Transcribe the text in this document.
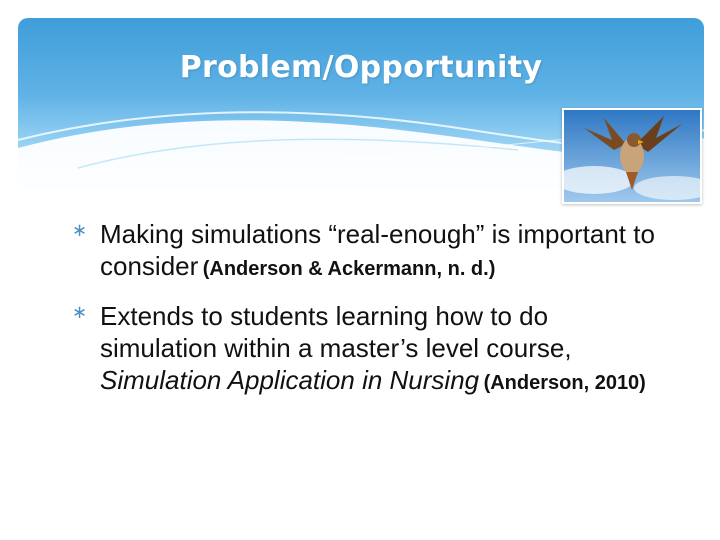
Problem/Opportunity
∗ Making simulations “real-enough” is important to consider (Anderson & Ackermann, n. d.)
∗ Extends to students learning how to do simulation within a master’s level course, Simulation Application in Nursing (Anderson, 2010)
